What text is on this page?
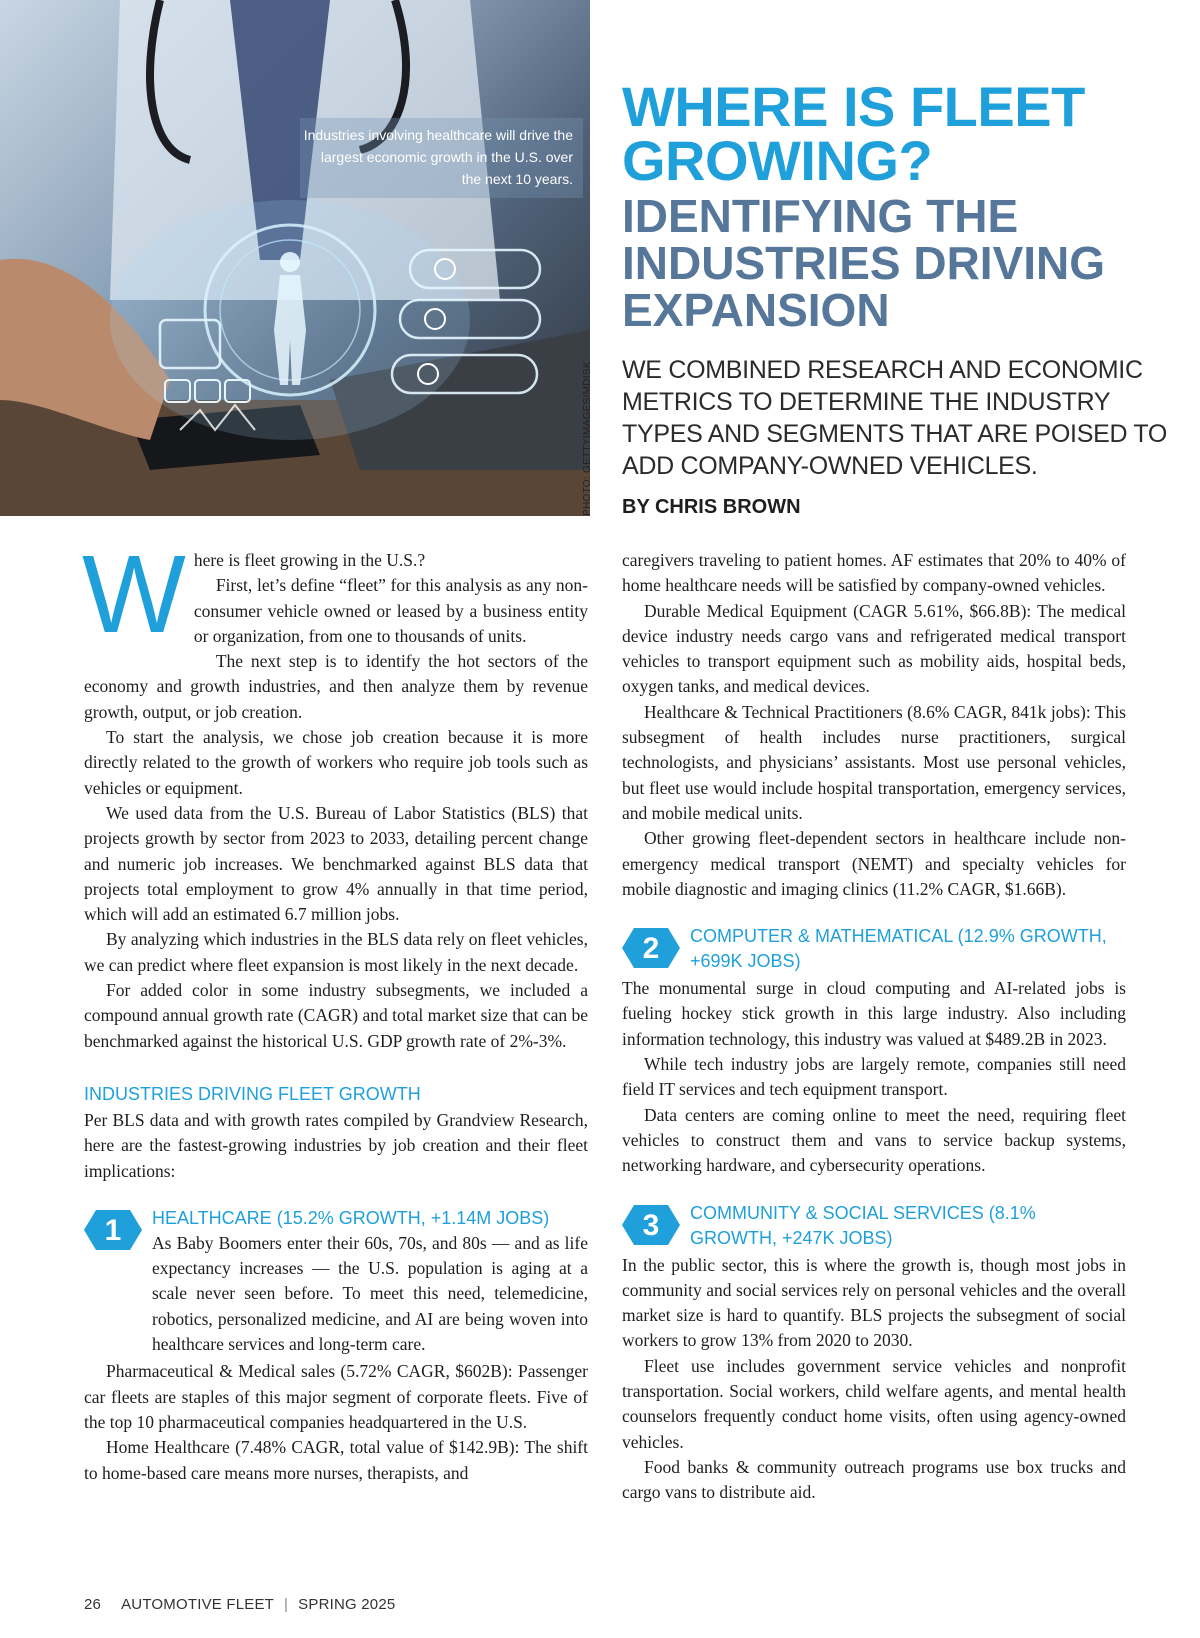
Industries involving healthcare will drive the largest economic growth in the U.S. over the next 10 years.
PHOTO: GETTYIMAGES/MDISK
WHERE IS FLEET GROWING?
IDENTIFYING THE INDUSTRIES DRIVING EXPANSION

WE COMBINED RESEARCH AND ECONOMIC METRICS TO DETERMINE THE INDUSTRY TYPES AND SEGMENTS THAT ARE POISED TO ADD COMPANY-OWNED VEHICLES.

BY CHRIS BROWN

Where is fleet growing in the U.S.?

First, let’s define “fleet” for this analysis as any non-consumer vehicle owned or leased by a business entity or organization, from one to thousands of units.

The next step is to identify the hot sectors of the economy and growth industries, and then analyze them by revenue growth, output, or job creation.

To start the analysis, we chose job creation because it is more directly related to the growth of workers who require job tools such as vehicles or equipment.

We used data from the U.S. Bureau of Labor Statistics (BLS) that projects growth by sector from 2023 to 2033, detailing percent change and numeric job increases. We benchmarked against BLS data that projects total employment to grow 4% annually in that time period, which will add an estimated 6.7 million jobs.

By analyzing which industries in the BLS data rely on fleet vehicles, we can predict where fleet expansion is most likely in the next decade.

For added color in some industry subsegments, we included a compound annual growth rate (CAGR) and total market size that can be benchmarked against the historical U.S. GDP growth rate of 2%-3%.

INDUSTRIES DRIVING FLEET GROWTH

Per BLS data and with growth rates compiled by Grandview Research, here are the fastest-growing industries by job creation and their fleet implications:

1	HEALTHCARE (15.2% GROWTH, +1.14M JOBS)

As Baby Boomers enter their 60s, 70s, and 80s — and as life expectancy increases — the U.S. population is aging at a scale never seen before. To meet this need, telemedicine, robotics, personalized medicine, and AI are being woven into healthcare services and long-term care.

Pharmaceutical & Medical sales (5.72% CAGR, $602B): Passenger car fleets are staples of this major segment of corporate fleets. Five of the top 10 pharmaceutical companies headquartered in the U.S.

Home Healthcare (7.48% CAGR, total value of $142.9B): The shift to home-based care means more nurses, therapists, and

caregivers traveling to patient homes. AF estimates that 20% to 40% of home healthcare needs will be satisfied by company-owned vehicles.

Durable Medical Equipment (CAGR 5.61%, $66.8B): The medical device industry needs cargo vans and refrigerated medical transport vehicles to transport equipment such as mobility aids, hospital beds, oxygen tanks, and medical devices.

Healthcare & Technical Practitioners (8.6% CAGR, 841k jobs): This subsegment of health includes nurse practitioners, surgical technologists, and physicians’ assistants. Most use personal vehicles, but fleet use would include hospital transportation, emergency services, and mobile medical units.

Other growing fleet-dependent sectors in healthcare include non-emergency medical transport (NEMT) and specialty vehicles for mobile diagnostic and imaging clinics (11.2% CAGR, $1.66B).

2	COMPUTER & MATHEMATICAL (12.9% GROWTH, +699K JOBS)

The monumental surge in cloud computing and AI-related jobs is fueling hockey stick growth in this large industry. Also including information technology, this industry was valued at $489.2B in 2023.

While tech industry jobs are largely remote, companies still need field IT services and tech equipment transport.

Data centers are coming online to meet the need, requiring fleet vehicles to construct them and vans to service backup systems, networking hardware, and cybersecurity operations.

3	COMMUNITY & SOCIAL SERVICES (8.1% GROWTH, +247K JOBS)

In the public sector, this is where the growth is, though most jobs in community and social services rely on personal vehicles and the overall market size is hard to quantify. BLS projects the subsegment of social workers to grow 13% from 2020 to 2030.

Fleet use includes government service vehicles and nonprofit transportation. Social workers, child welfare agents, and mental health counselors frequently conduct home visits, often using agency-owned vehicles.

Food banks & community outreach programs use box trucks and cargo vans to distribute aid.

26 AUTOMOTIVE FLEET | SPRING 2025
